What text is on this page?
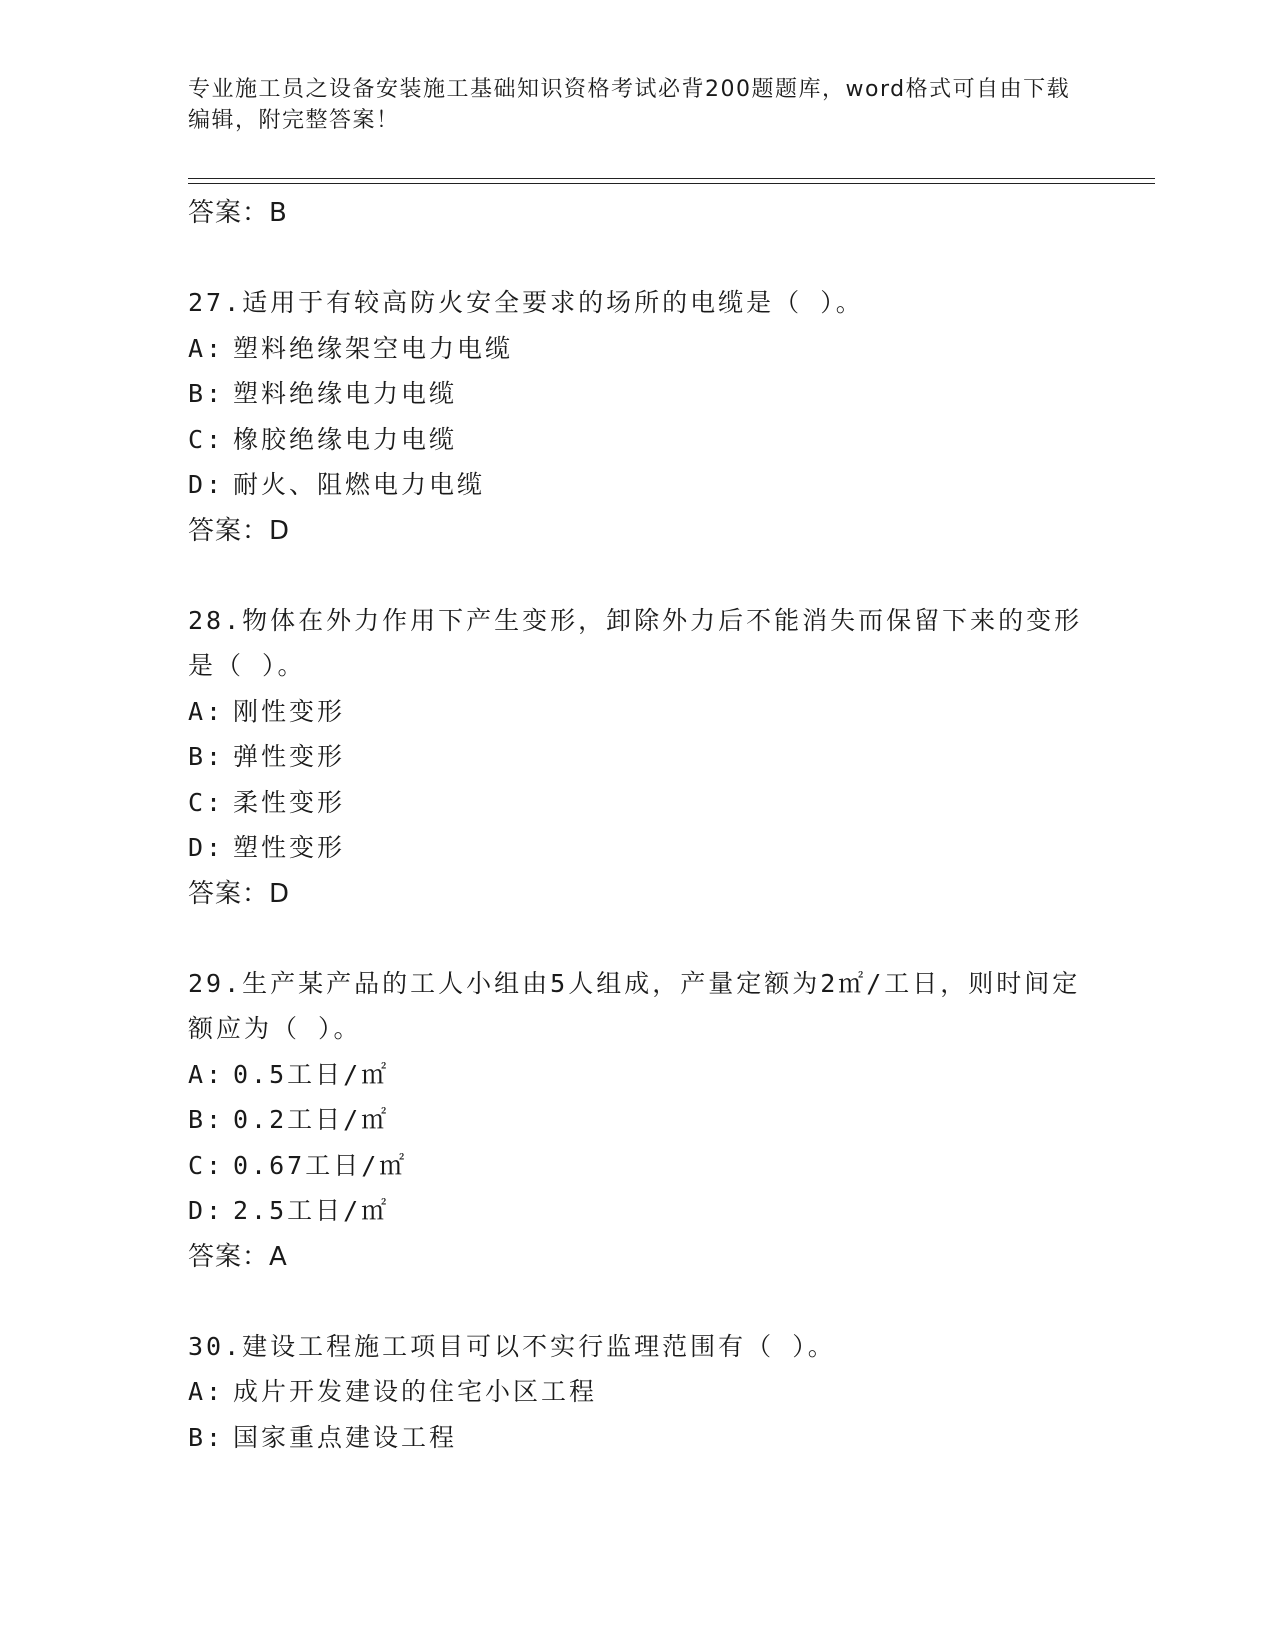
专业施工员之设备安装施工基础知识资格考试必背200题题库，word格式可自由下载编辑，附完整答案！
答案：B
27.适用于有较高防火安全要求的场所的电缆是（ ）。
A: 塑料绝缘架空电力电缆
B: 塑料绝缘电力电缆
C: 橡胶绝缘电力电缆
D: 耐火、阻燃电力电缆
答案：D
28.物体在外力作用下产生变形，卸除外力后不能消失而保留下来的变形是（ ）。
A: 刚性变形
B: 弹性变形
C: 柔性变形
D: 塑性变形
答案：D
29.生产某产品的工人小组由5人组成，产量定额为2㎡/工日，则时间定额应为（ ）。
A: 0.5工日/㎡
B: 0.2工日/㎡
C: 0.67工日/㎡
D: 2.5工日/㎡
答案：A
30.建设工程施工项目可以不实行监理范围有（ ）。
A: 成片开发建设的住宅小区工程
B: 国家重点建设工程
